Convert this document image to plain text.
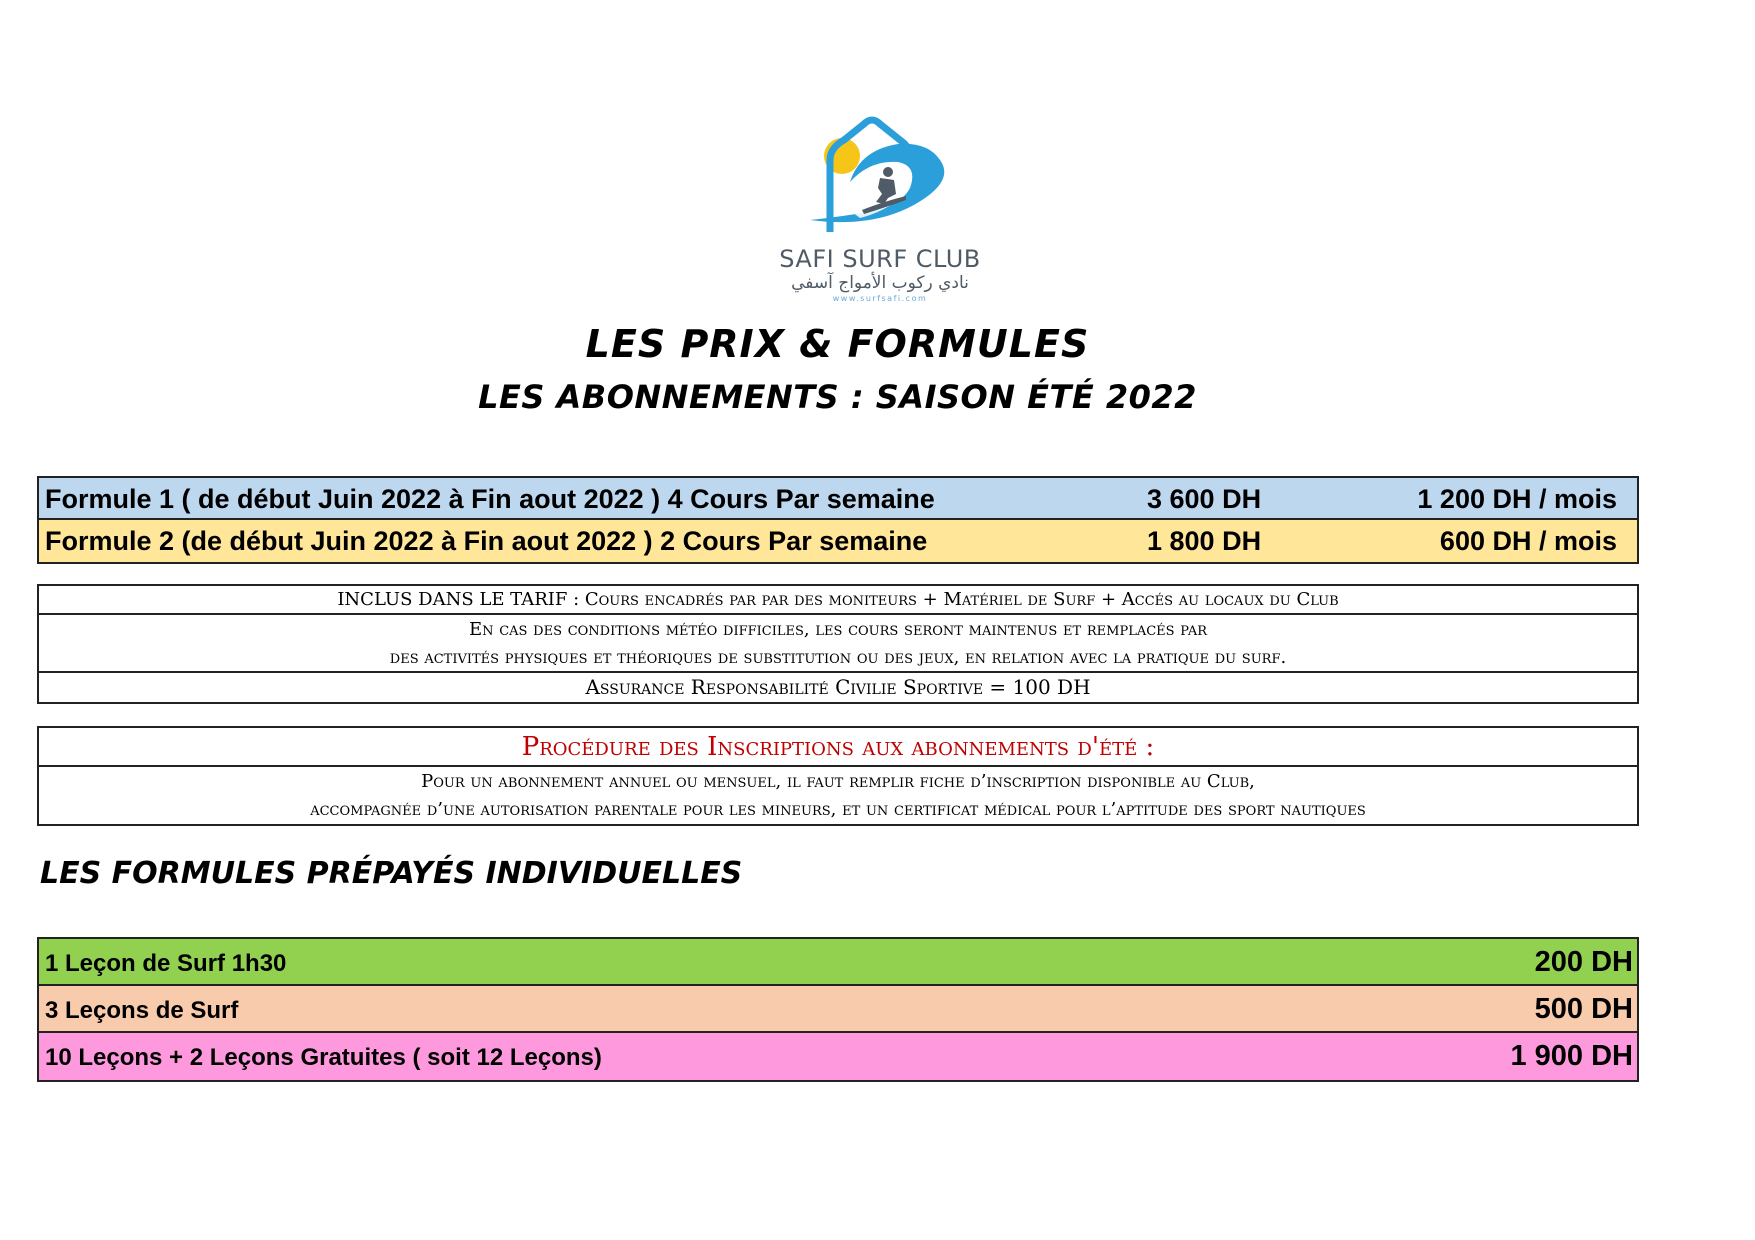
SAFI SURF CLUB
نادي ركوب الأمواج آسفي
www.surfsafi.com
LES PRIX & FORMULES
LES ABONNEMENTS : SAISON ÉTÉ 2022
Formule 1 ( de début Juin 2022 à Fin aout 2022 ) 4 Cours Par semaine	3 600 DH	1 200 DH / mois
Formule 2 (de début Juin 2022 à Fin aout 2022 ) 2 Cours Par semaine	1 800 DH	600 DH / mois
INCLUS DANS LE TARIF : Cours encadrés par par des moniteurs + Matériel de Surf + Accés au locaux du Club
En cas des conditions météo difficiles, les cours seront maintenus et remplacés par
des activités physiques et théoriques de substitution ou des jeux, en relation avec la pratique du surf.
Assurance Responsabilité Civilie Sportive = 100 DH
Procédure des Inscriptions aux abonnements d'été :
Pour un abonnement annuel ou mensuel, il faut remplir fiche d’inscription disponible au Club,
accompagnée d’une autorisation parentale pour les mineurs, et un certificat médical pour l’aptitude des sport nautiques
LES FORMULES PRÉPAYÉS INDIVIDUELLES
1 Leçon de Surf 1h30	200 DH
3 Leçons de Surf	500 DH
10 Leçons + 2 Leçons Gratuites ( soit 12 Leçons)	1 900 DH
